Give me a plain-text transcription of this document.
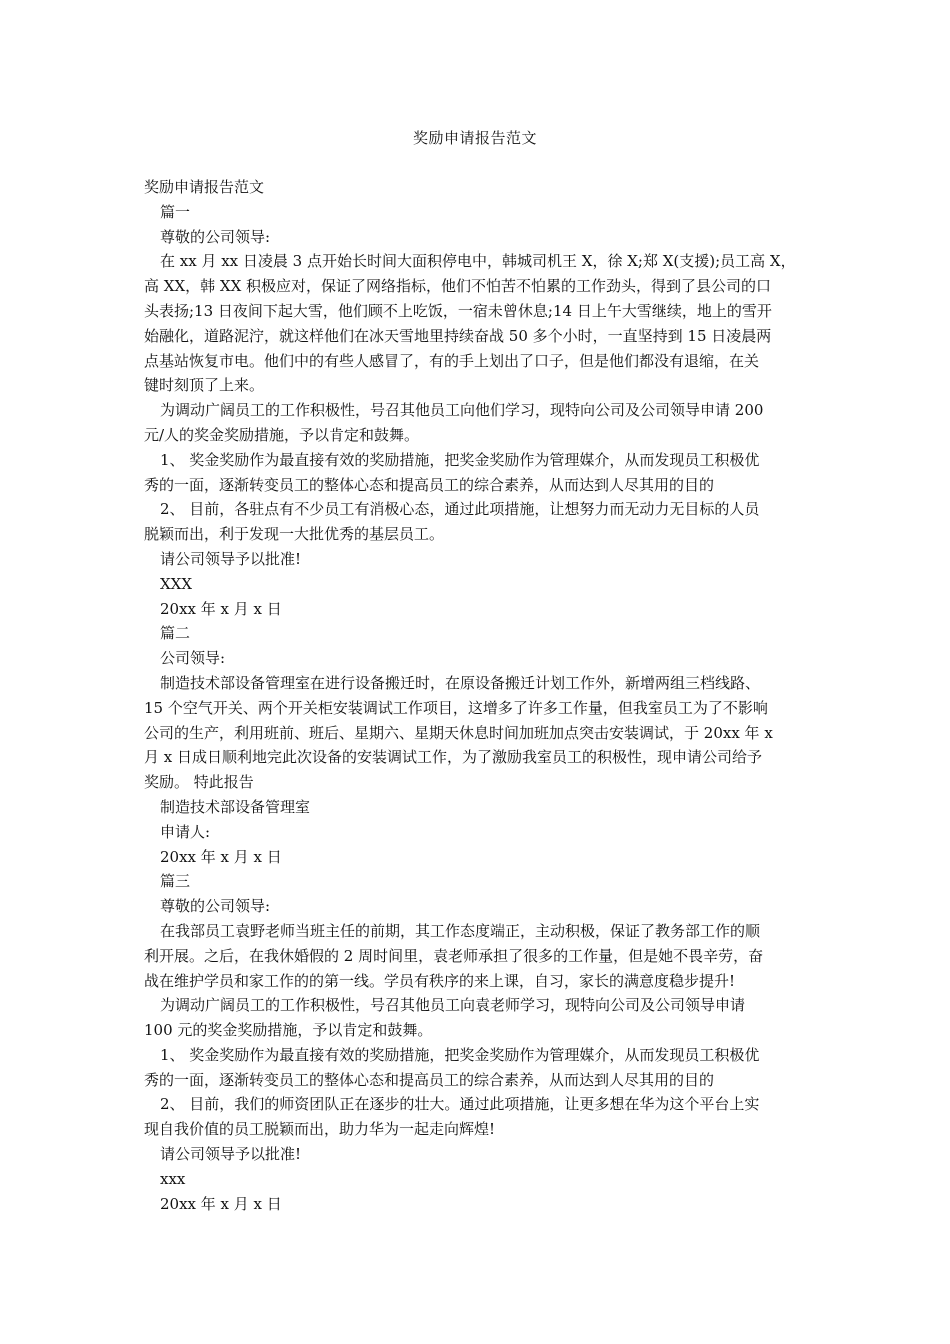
奖励申请报告范文
奖励申请报告范文
篇一
尊敬的公司领导:
在 xx 月 xx 日凌晨 3 点开始长时间大面积停电中，韩城司机王 X，徐 X;郑 X(支援);员工高 X，
高 XX，韩 XX 积极应对，保证了网络指标，他们不怕苦不怕累的工作劲头，得到了县公司的口
头表扬;13 日夜间下起大雪，他们顾不上吃饭，一宿未曾休息;14 日上午大雪继续，地上的雪开
始融化，道路泥泞，就这样他们在冰天雪地里持续奋战 50 多个小时，一直坚持到 15 日凌晨两
点基站恢复市电。他们中的有些人感冒了，有的手上划出了口子，但是他们都没有退缩，在关
键时刻顶了上来。
为调动广阔员工的工作积极性，号召其他员工向他们学习，现特向公司及公司领导申请 200
元/人的奖金奖励措施，予以肯定和鼓舞。
1、 奖金奖励作为最直接有效的奖励措施，把奖金奖励作为管理媒介，从而发现员工积极优
秀的一面，逐渐转变员工的整体心态和提高员工的综合素养，从而达到人尽其用的目的
2、 目前，各驻点有不少员工有消极心态，通过此项措施，让想努力而无动力无目标的人员
脱颖而出，利于发现一大批优秀的基层员工。
请公司领导予以批准!
XXX
20xx 年 x 月 x 日
篇二
公司领导:
制造技术部设备管理室在进行设备搬迁时，在原设备搬迁计划工作外，新增两组三档线路、
15 个空气开关、两个开关柜安装调试工作项目，这增多了许多工作量，但我室员工为了不影响
公司的生产，利用班前、班后、星期六、星期天休息时间加班加点突击安装调试，于 20xx 年 x
月 x 日成日顺利地完此次设备的安装调试工作，为了激励我室员工的积极性，现申请公司给予
奖励。 特此报告
制造技术部设备管理室
申请人:
20xx 年 x 月 x 日
篇三
尊敬的公司领导:
在我部员工袁野老师当班主任的前期，其工作态度端正，主动积极，保证了教务部工作的顺
利开展。之后，在我休婚假的 2 周时间里，袁老师承担了很多的工作量，但是她不畏辛劳，奋
战在维护学员和家工作的的第一线。学员有秩序的来上课，自习，家长的满意度稳步提升!
为调动广阔员工的工作积极性，号召其他员工向袁老师学习，现特向公司及公司领导申请
100 元的奖金奖励措施，予以肯定和鼓舞。
1、 奖金奖励作为最直接有效的奖励措施，把奖金奖励作为管理媒介，从而发现员工积极优
秀的一面，逐渐转变员工的整体心态和提高员工的综合素养，从而达到人尽其用的目的
2、 目前，我们的师资团队正在逐步的壮大。通过此项措施，让更多想在华为这个平台上实
现自我价值的员工脱颖而出，助力华为一起走向辉煌!
请公司领导予以批准!
xxx
20xx 年 x 月 x 日
